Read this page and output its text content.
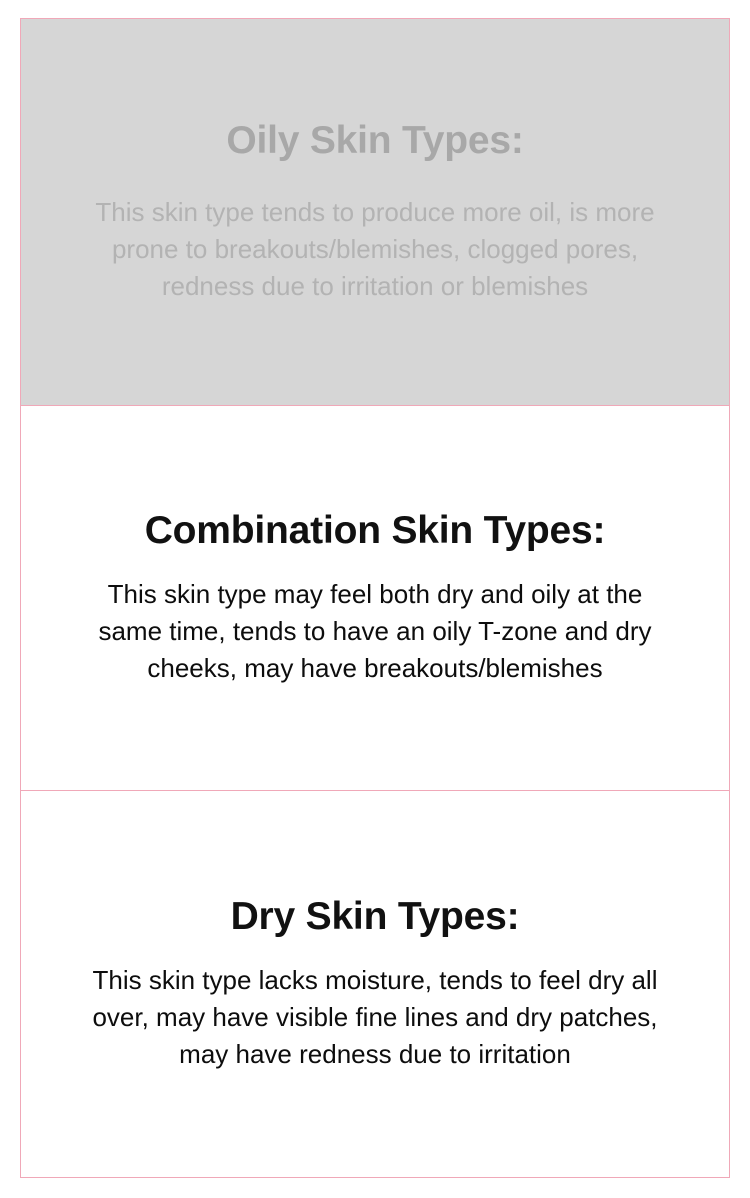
Oily Skin Types:

This skin type tends to produce more oil, is more prone to breakouts/blemishes, clogged pores, redness due to irritation or blemishes

Combination Skin Types:

This skin type may feel both dry and oily at the same time, tends to have an oily T-zone and dry cheeks, may have breakouts/blemishes

Dry Skin Types:

This skin type lacks moisture, tends to feel dry all over, may have visible fine lines and dry patches, may have redness due to irritation
